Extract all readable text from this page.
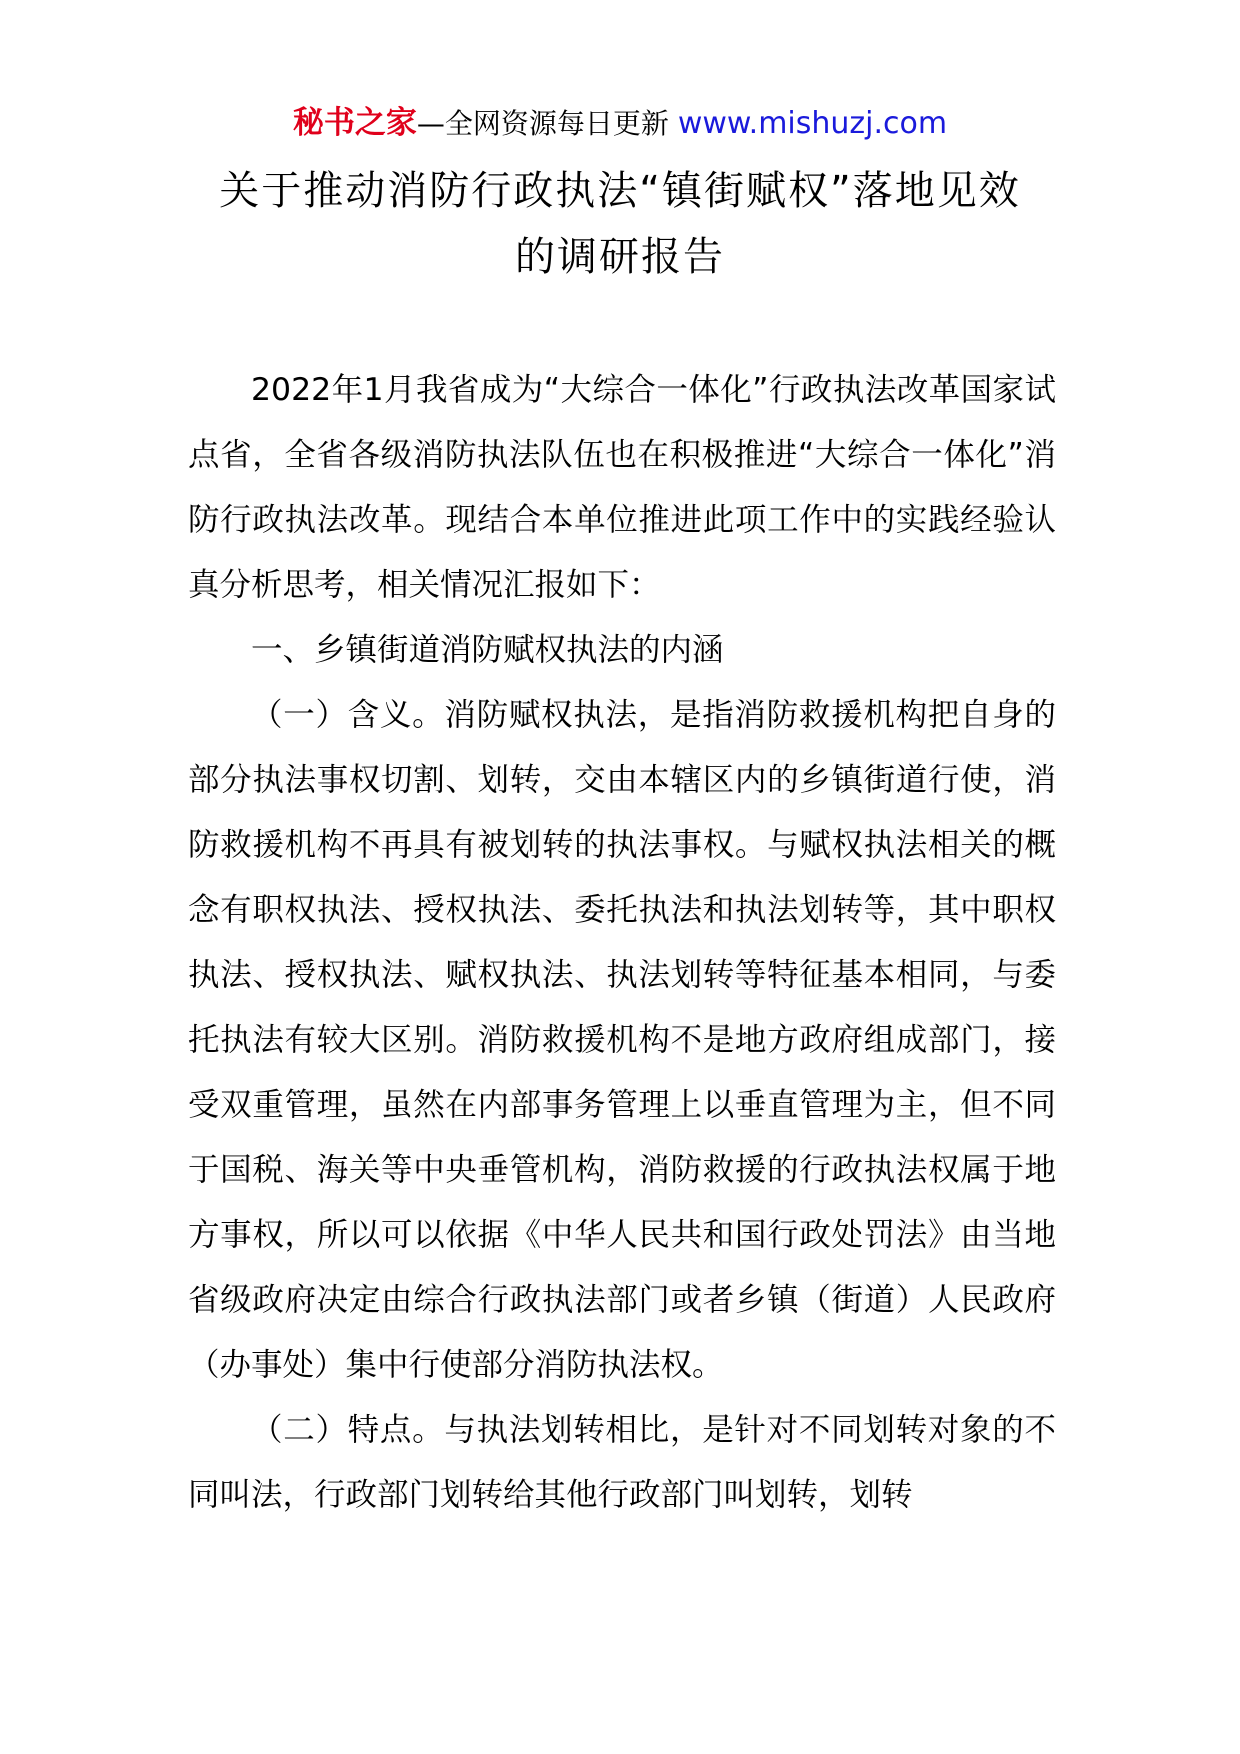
秘书之家—全网资源每日更新 www.mishuzj.com
关于推动消防行政执法“镇街赋权”落地见效
的调研报告

2022年1月我省成为“大综合一体化”行政执法改革国家试点省，全省各级消防执法队伍也在积极推进“大综合一体化”消防行政执法改革。现结合本单位推进此项工作中的实践经验认真分析思考，相关情况汇报如下：

一、乡镇街道消防赋权执法的内涵

（一）含义。消防赋权执法，是指消防救援机构把自身的部分执法事权切割、划转，交由本辖区内的乡镇街道行使，消防救援机构不再具有被划转的执法事权。与赋权执法相关的概念有职权执法、授权执法、委托执法和执法划转等，其中职权执法、授权执法、赋权执法、执法划转等特征基本相同，与委托执法有较大区别。消防救援机构不是地方政府组成部门，接受双重管理，虽然在内部事务管理上以垂直管理为主，但不同于国税、海关等中央垂管机构，消防救援的行政执法权属于地方事权，所以可以依据《中华人民共和国行政处罚法》由当地省级政府决定由综合行政执法部门或者乡镇（街道）人民政府（办事处）集中行使部分消防执法权。

（二）特点。与执法划转相比，是针对不同划转对象的不同叫法，行政部门划转给其他行政部门叫划转，划转
